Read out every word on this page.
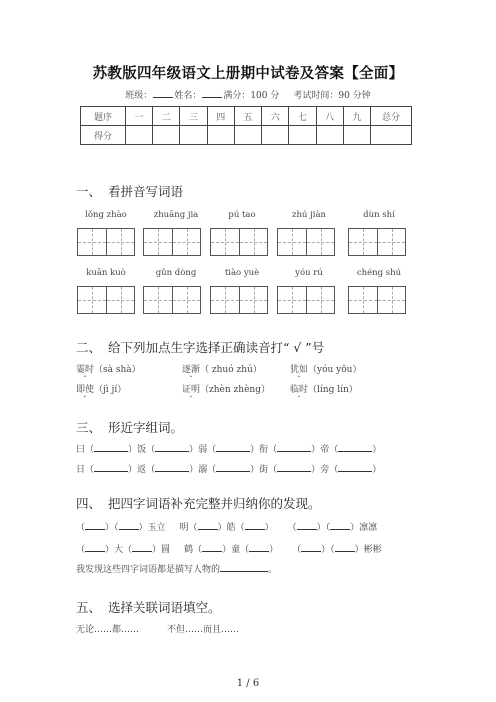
苏教版四年级语文上册期中试卷及答案【全面】
班级： 姓名： 满分：100 分 考试时间：90 分钟
题序	一	二	三	四	五	六	七	八	九	总分
得分										
一、 看拼音写词语
lǒng zhào	zhuāng jia	pú tao	zhú jiàn	dùn shí
kuān kuò	gǔn dòng	tiào yuè	yóu rú	chéng shú
二、 给下列加点生字选择正确读音打“ √ ”号
霎时（sà shà）	逐渐（ zhuó zhú）	犹如（yóu yōu）
即使（jì jí）	证明（zhèn zhèng） 临时（líng lín）
三、 形近字组词。
曰（	）饭（	）弱（	）衔（	）帝（	）
日（	）返（	）溺（	）街（	）旁（	）
四、 把四字词语补充完整并归纳你的发现。
（ ）（ ）玉立 明（ ）皓（ ） （ ）（ ）凛凛
（ ）大（ ）圆 鹤（ ）童（ ） （ ）（ ）彬彬
我发现这些四字词语都是描写人物的	。
五、 选择关联词语填空。
无论……都……	不但……而且……
1 / 6
